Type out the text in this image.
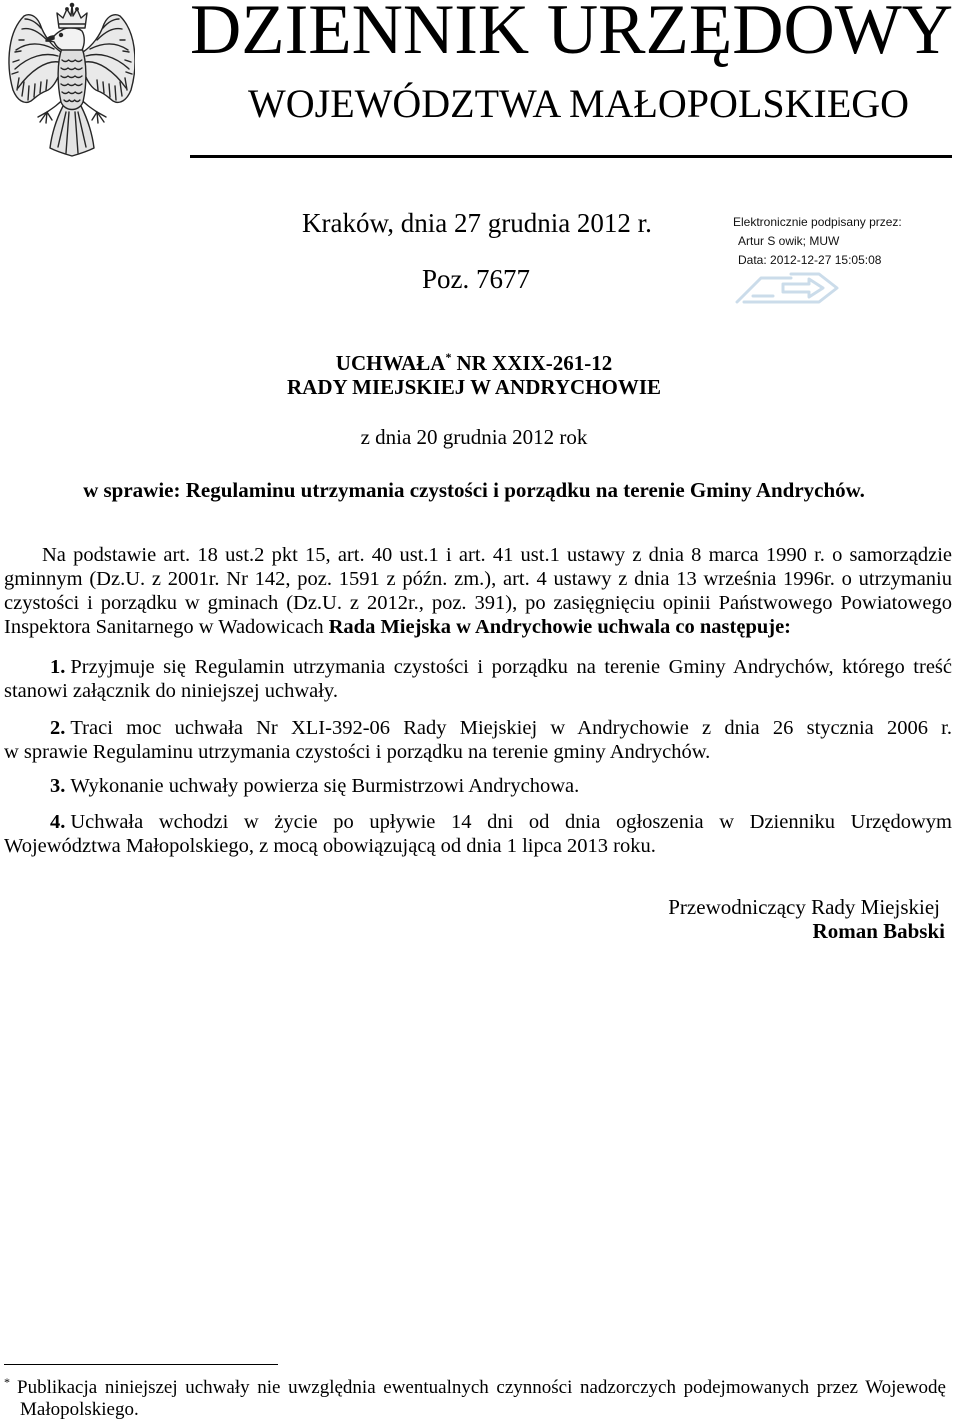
DZIENNIK URZĘDOWY
WOJEWÓDZTWA MAŁOPOLSKIEGO
Kraków, dnia 27 grudnia 2012 r.
Poz. 7677
Elektronicznie podpisany przez:
Artur S owik; MUW
Data: 2012-12-27 15:05:08
UCHWAŁA* NR XXIX-261-12
RADY MIEJSKIEJ W ANDRYCHOWIE
z dnia 20 grudnia 2012 rok
w sprawie: Regulaminu utrzymania czystości i porządku na terenie Gminy Andrychów.
Na podstawie art. 18 ust.2 pkt 15, art. 40 ust.1 i art. 41 ust.1 ustawy z dnia 8 marca 1990 r. o samorządzie
gminnym (Dz.U. z 2001r. Nr 142, poz. 1591 z późn. zm.), art. 4 ustawy z dnia 13 września 1996r. o utrzymaniu
czystości i porządku w gminach (Dz.U. z 2012r., poz. 391), po zasięgnięciu opinii Państwowego Powiatowego
Inspektora Sanitarnego w Wadowicach Rada Miejska w Andrychowie uchwala co następuje:
1. Przyjmuje się Regulamin utrzymania czystości i porządku na terenie Gminy Andrychów, którego treść
stanowi załącznik do niniejszej uchwały.
2. Traci moc uchwała Nr XLI-392-06 Rady Miejskiej w Andrychowie z dnia 26 stycznia 2006 r.
w sprawie Regulaminu utrzymania czystości i porządku na terenie gminy Andrychów.
3. Wykonanie uchwały powierza się Burmistrzowi Andrychowa.
4. Uchwała wchodzi w życie po upływie 14 dni od dnia ogłoszenia w Dzienniku Urzędowym
Województwa Małopolskiego, z mocą obowiązującą od dnia 1 lipca 2013 roku.
Przewodniczący Rady Miejskiej
Roman Babski
* Publikacja niniejszej uchwały nie uwzględnia ewentualnych czynności nadzorczych podejmowanych przez Wojewodę
Małopolskiego.
